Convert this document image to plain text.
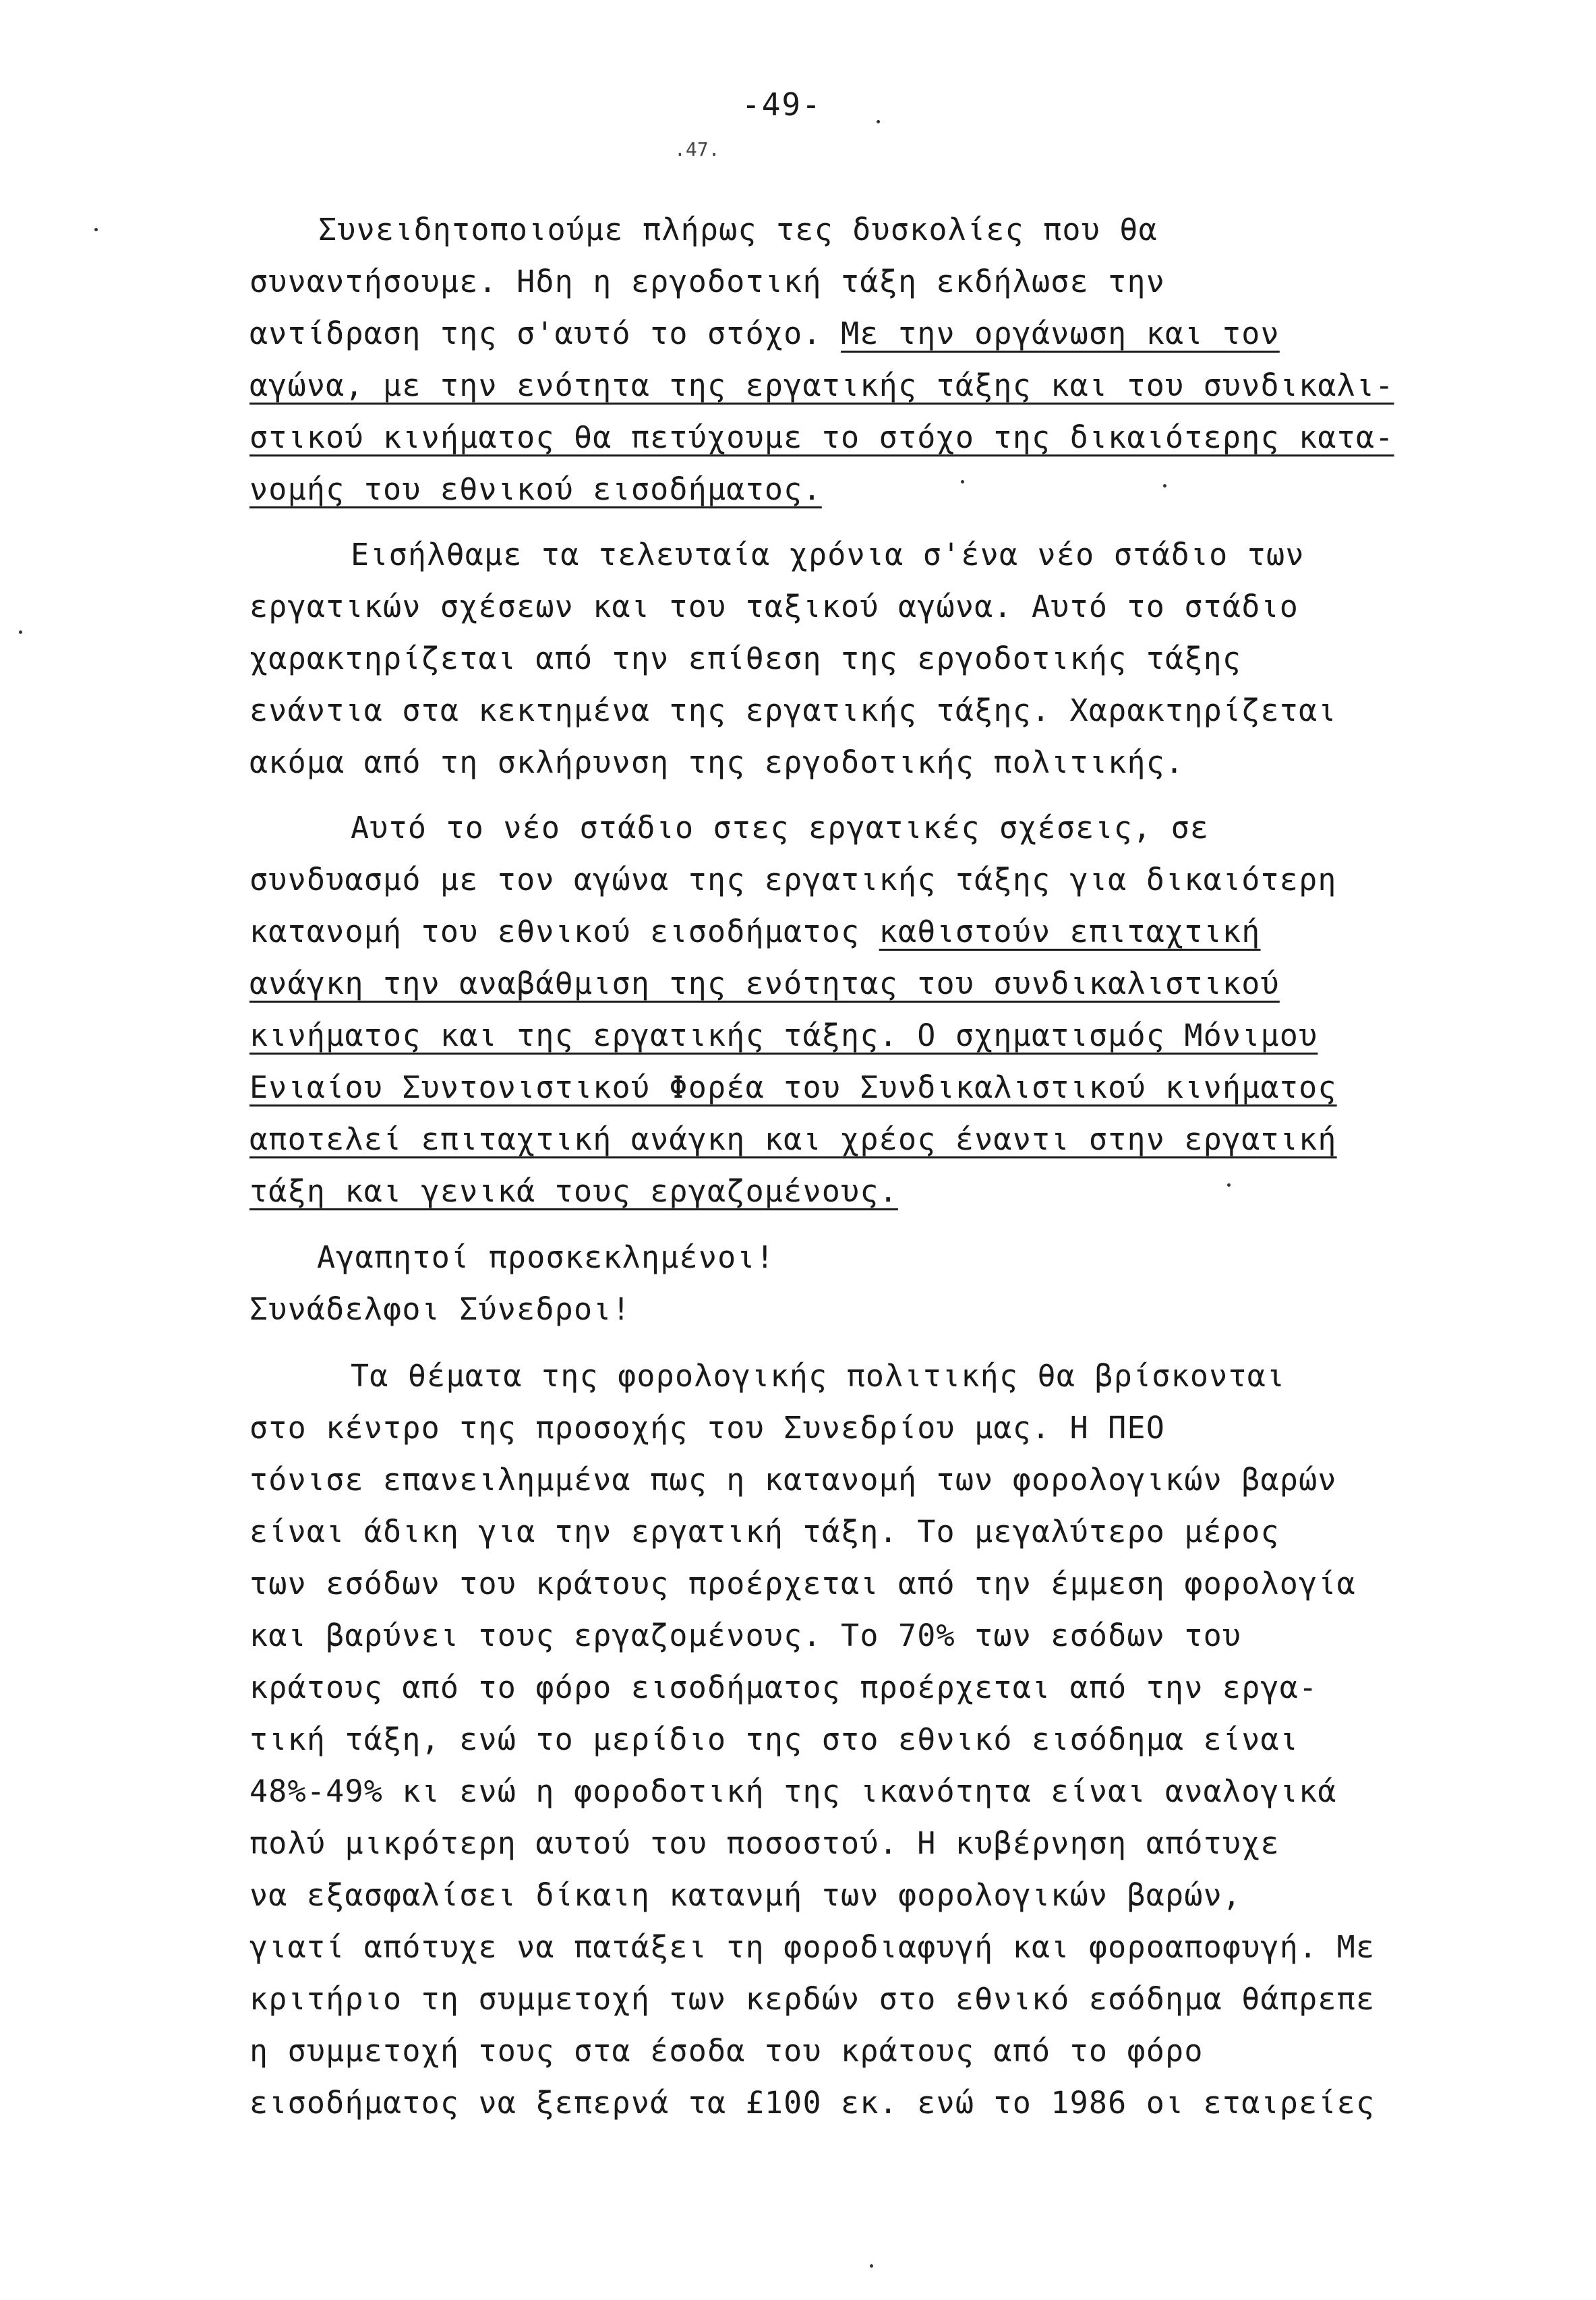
-49-
.47.
Συνειδητοποιούμε πλήρως τες δυσκολίες που θα
συναντήσουμε. Ηδη η εργοδοτική τάξη εκδήλωσε την
αντίδραση της σ'αυτό το στόχο. Με την οργάνωση και τον
αγώνα, με την ενότητα της εργατικής τάξης και του συνδικαλι-
στικού κινήματος θα πετύχουμε το στόχο της δικαιότερης κατα-
νομής του εθνικού εισοδήματος.
Εισήλθαμε τα τελευταία χρόνια σ'ένα νέο στάδιο των
εργατικών σχέσεων και του ταξικού αγώνα. Αυτό το στάδιο
χαρακτηρίζεται από την επίθεση της εργοδοτικής τάξης
ενάντια στα κεκτημένα της εργατικής τάξης. Χαρακτηρίζεται
ακόμα από τη σκλήρυνση της εργοδοτικής πολιτικής.
Αυτό το νέο στάδιο στες εργατικές σχέσεις, σε
συνδυασμό με τον αγώνα της εργατικής τάξης για δικαιότερη
κατανομή του εθνικού εισοδήματος καθιστούν επιταχτική
ανάγκη την αναβάθμιση της ενότητας του συνδικαλιστικού
κινήματος και της εργατικής τάξης. Ο σχηματισμός Μόνιμου
Ενιαίου Συντονιστικού Φορέα του Συνδικαλιστικού κινήματος
αποτελεί επιταχτική ανάγκη και χρέος έναντι στην εργατική
τάξη και γενικά τους εργαζομένους.
Αγαπητοί προσκεκλημένοι!
Συνάδελφοι Σύνεδροι!
Τα θέματα της φορολογικής πολιτικής θα βρίσκονται
στο κέντρο της προσοχής του Συνεδρίου μας. Η ΠΕΟ
τόνισε επανειλημμένα πως η κατανομή των φορολογικών βαρών
είναι άδικη για την εργατική τάξη. Το μεγαλύτερο μέρος
των εσόδων του κράτους προέρχεται από την έμμεση φορολογία
και βαρύνει τους εργαζομένους. Το 70% των εσόδων του
κράτους από το φόρο εισοδήματος προέρχεται από την εργα-
τική τάξη, ενώ το μερίδιο της στο εθνικό εισόδημα είναι
48%-49% κι ενώ η φοροδοτική της ικανότητα είναι αναλογικά
πολύ μικρότερη αυτού του ποσοστού. Η κυβέρνηση απότυχε
να εξασφαλίσει δίκαιη κατανμή των φορολογικών βαρών,
γιατί απότυχε να πατάξει τη φοροδιαφυγή και φοροαποφυγή. Με
κριτήριο τη συμμετοχή των κερδών στο εθνικό εσόδημα θάπρεπε
η συμμετοχή τους στα έσοδα του κράτους από το φόρο
εισοδήματος να ξεπερνά τα £100 εκ. ενώ το 1986 οι εταιρείες
